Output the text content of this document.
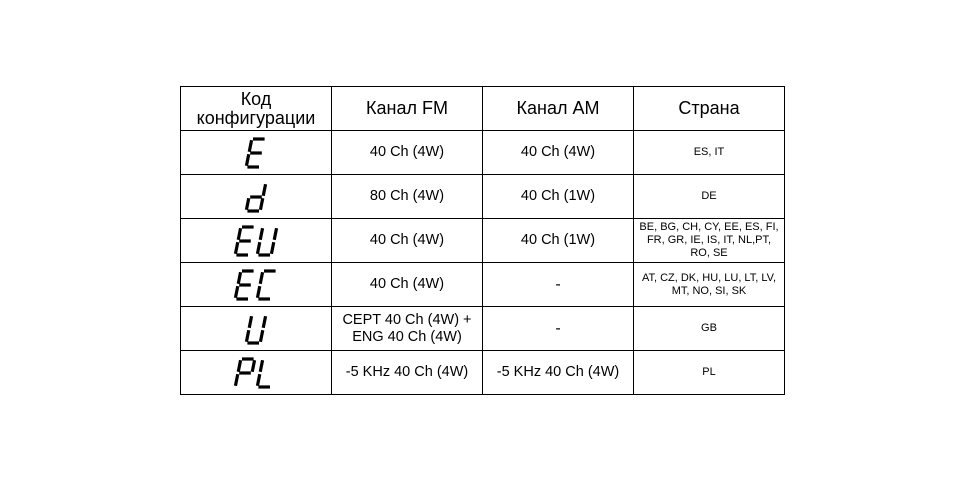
Код конфигурации	Канал FM	Канал AM	Страна

	40 Ch (4W)	40 Ch (4W)	ES, IT

	80 Ch (4W)	40 Ch (1W)	DE

	40 Ch (4W)	40 Ch (1W)	BE, BG, CH, CY, EE, ES, FI, FR, GR, IE, IS, IT, NL,PT, RO, SE

	40 Ch (4W)	-	AT, CZ, DK, HU, LU, LT, LV, MT, NO, SI, SK

	CEPT 40 Ch (4W) + ENG 40 Ch (4W)	-	GB

	-5 KHz 40 Ch (4W)	-5 KHz 40 Ch (4W)	PL
